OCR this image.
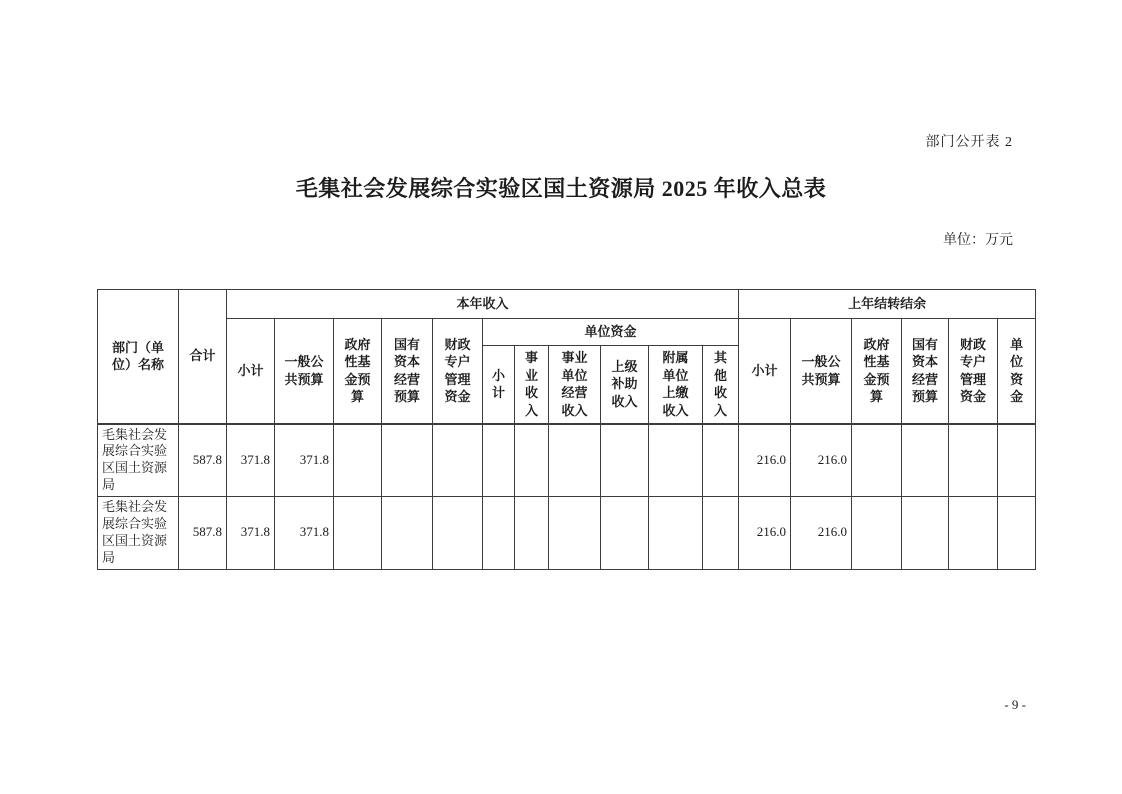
部门公开表 2
毛集社会发展综合实验区国土资源局 2025 年收入总表
单位：万元
部门（单位）名称	合计	本年收入											上年结转结余					
		小计	一般公共预算	政府性基金预算	国有资本经营预算	财政专户管理资金	单位资金						小计	一般公共预算	政府性基金预算	国有资本经营预算	财政专户管理资金	单位资金
							小计	事业收入	事业单位经营收入	上级补助收入	附属单位上缴收入	其他收入						
毛集社会发展综合实验区国土资源局	587.8	371.8	371.8										216.0	216.0				
毛集社会发展综合实验区国土资源局	587.8	371.8	371.8										216.0	216.0				
- 9 -
